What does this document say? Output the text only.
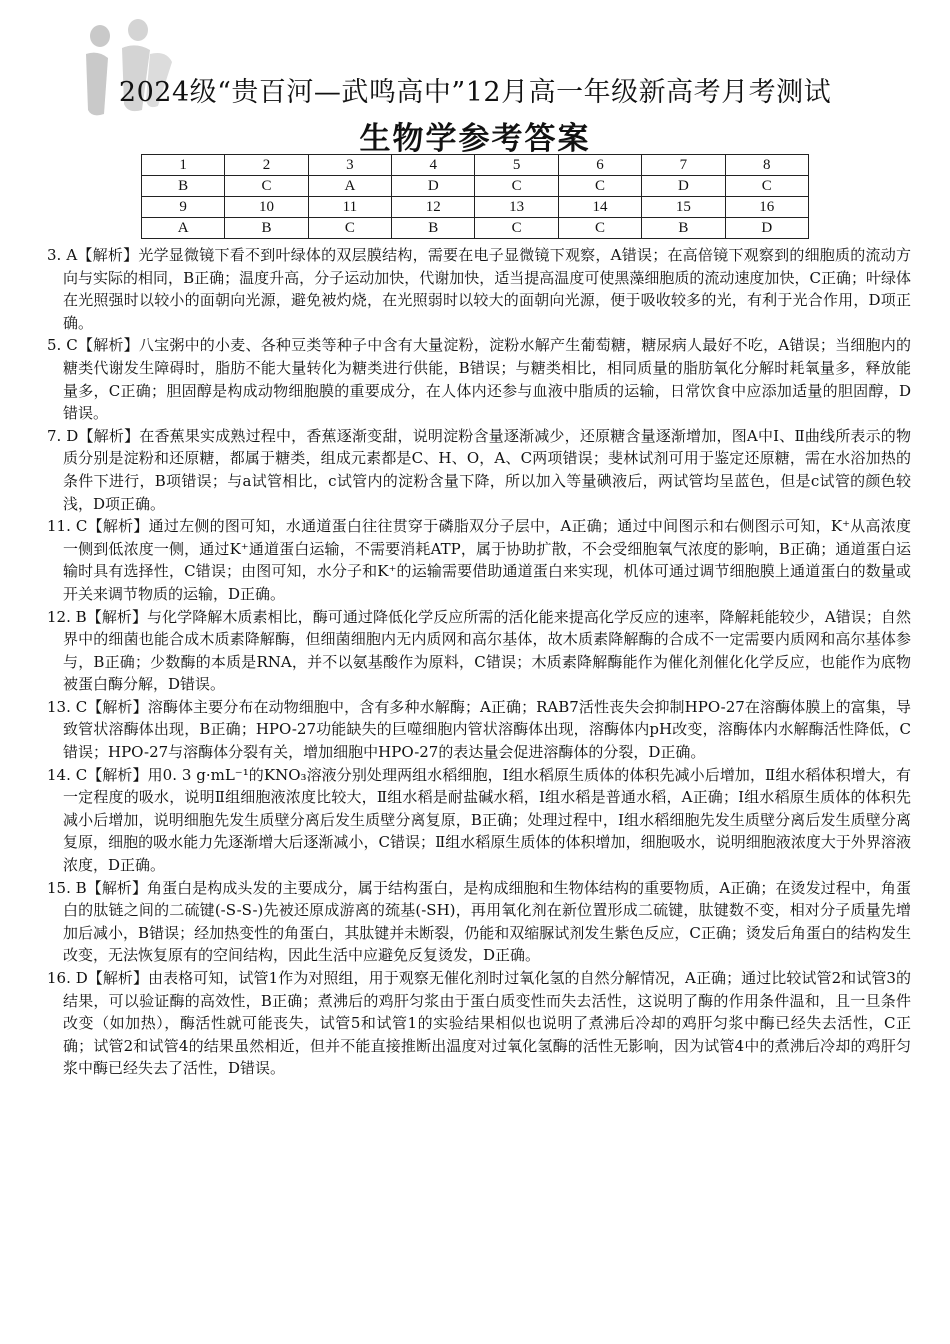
2024级“贵百河—武鸣高中”12月高一年级新高考月考测试
生物学参考答案
1	2	3	4	5	6	7	8
B	C	A	D	C	C	D	C
9	10	11	12	13	14	15	16
A	B	C	B	C	C	B	D

3. A【解析】光学显微镜下看不到叶绿体的双层膜结构，需要在电子显微镜下观察，A错误；在高倍镜下观察到的细胞质的流动方向与实际的相同，B正确；温度升高，分子运动加快，代谢加快，适当提高温度可使黑藻细胞质的流动速度加快，C正确；叶绿体在光照强时以较小的面朝向光源，避免被灼烧，在光照弱时以较大的面朝向光源，便于吸收较多的光，有利于光合作用，D项正确。

5. C【解析】八宝粥中的小麦、各种豆类等种子中含有大量淀粉，淀粉水解产生葡萄糖，糖尿病人最好不吃，A错误；当细胞内的糖类代谢发生障碍时，脂肪不能大量转化为糖类进行供能，B错误；与糖类相比，相同质量的脂肪氧化分解时耗氧量多，释放能量多，C正确；胆固醇是构成动物细胞膜的重要成分，在人体内还参与血液中脂质的运输，日常饮食中应添加适量的胆固醇，D错误。

7. D【解析】在香蕉果实成熟过程中，香蕉逐渐变甜，说明淀粉含量逐渐减少，还原糖含量逐渐增加，图A中Ⅰ、Ⅱ曲线所表示的物质分别是淀粉和还原糖，都属于糖类，组成元素都是C、H、O，A、C两项错误；斐林试剂可用于鉴定还原糖，需在水浴加热的条件下进行，B项错误；与a试管相比，c试管内的淀粉含量下降，所以加入等量碘液后，两试管均呈蓝色，但是c试管的颜色较浅，D项正确。

11. C【解析】通过左侧的图可知，水通道蛋白往往贯穿于磷脂双分子层中，A正确；通过中间图示和右侧图示可知，K⁺从高浓度一侧到低浓度一侧，通过K⁺通道蛋白运输，不需要消耗ATP，属于协助扩散，不会受细胞氧气浓度的影响，B正确；通道蛋白运输时具有选择性，C错误；由图可知，水分子和K⁺的运输需要借助通道蛋白来实现，机体可通过调节细胞膜上通道蛋白的数量或开关来调节物质的运输，D正确。

12. B【解析】与化学降解木质素相比，酶可通过降低化学反应所需的活化能来提高化学反应的速率，降解耗能较少，A错误；自然界中的细菌也能合成木质素降解酶，但细菌细胞内无内质网和高尔基体，故木质素降解酶的合成不一定需要内质网和高尔基体参与，B正确；少数酶的本质是RNA，并不以氨基酸作为原料，C错误；木质素降解酶能作为催化剂催化化学反应，也能作为底物被蛋白酶分解，D错误。

13. C【解析】溶酶体主要分布在动物细胞中，含有多种水解酶；A正确；RAB7活性丧失会抑制HPO-27在溶酶体膜上的富集，导致管状溶酶体出现，B正确；HPO-27功能缺失的巨噬细胞内管状溶酶体出现，溶酶体内pH改变，溶酶体内水解酶活性降低，C错误；HPO-27与溶酶体分裂有关，增加细胞中HPO-27的表达量会促进溶酶体的分裂，D正确。

14. C【解析】用0. 3 g·mL⁻¹的KNO₃溶液分别处理两组水稻细胞，Ⅰ组水稻原生质体的体积先减小后增加，Ⅱ组水稻体积增大，有一定程度的吸水，说明Ⅱ组细胞液浓度比较大，Ⅱ组水稻是耐盐碱水稻，Ⅰ组水稻是普通水稻，A正确；Ⅰ组水稻原生质体的体积先减小后增加，说明细胞先发生质壁分离后发生质壁分离复原，B正确；处理过程中，Ⅰ组水稻细胞先发生质壁分离后发生质壁分离复原，细胞的吸水能力先逐渐增大后逐渐减小，C错误；Ⅱ组水稻原生质体的体积增加，细胞吸水，说明细胞液浓度大于外界溶液浓度，D正确。

15. B【解析】角蛋白是构成头发的主要成分，属于结构蛋白，是构成细胞和生物体结构的重要物质，A正确；在烫发过程中，角蛋白的肽链之间的二硫键(-S-S-)先被还原成游离的巯基(-SH)，再用氧化剂在新位置形成二硫键，肽键数不变，相对分子质量先增加后减小，B错误；经加热变性的角蛋白，其肽键并未断裂，仍能和双缩脲试剂发生紫色反应，C正确；烫发后角蛋白的结构发生改变，无法恢复原有的空间结构，因此生活中应避免反复烫发，D正确。

16. D【解析】由表格可知，试管1作为对照组，用于观察无催化剂时过氧化氢的自然分解情况，A正确；通过比较试管2和试管3的结果，可以验证酶的高效性，B正确；煮沸后的鸡肝匀浆由于蛋白质变性而失去活性，这说明了酶的作用条件温和，且一旦条件改变（如加热），酶活性就可能丧失，试管5和试管1的实验结果相似也说明了煮沸后冷却的鸡肝匀浆中酶已经失去活性，C正确；试管2和试管4的结果虽然相近，但并不能直接推断出温度对过氧化氢酶的活性无影响，因为试管4中的煮沸后冷却的鸡肝匀浆中酶已经失去了活性，D错误。
